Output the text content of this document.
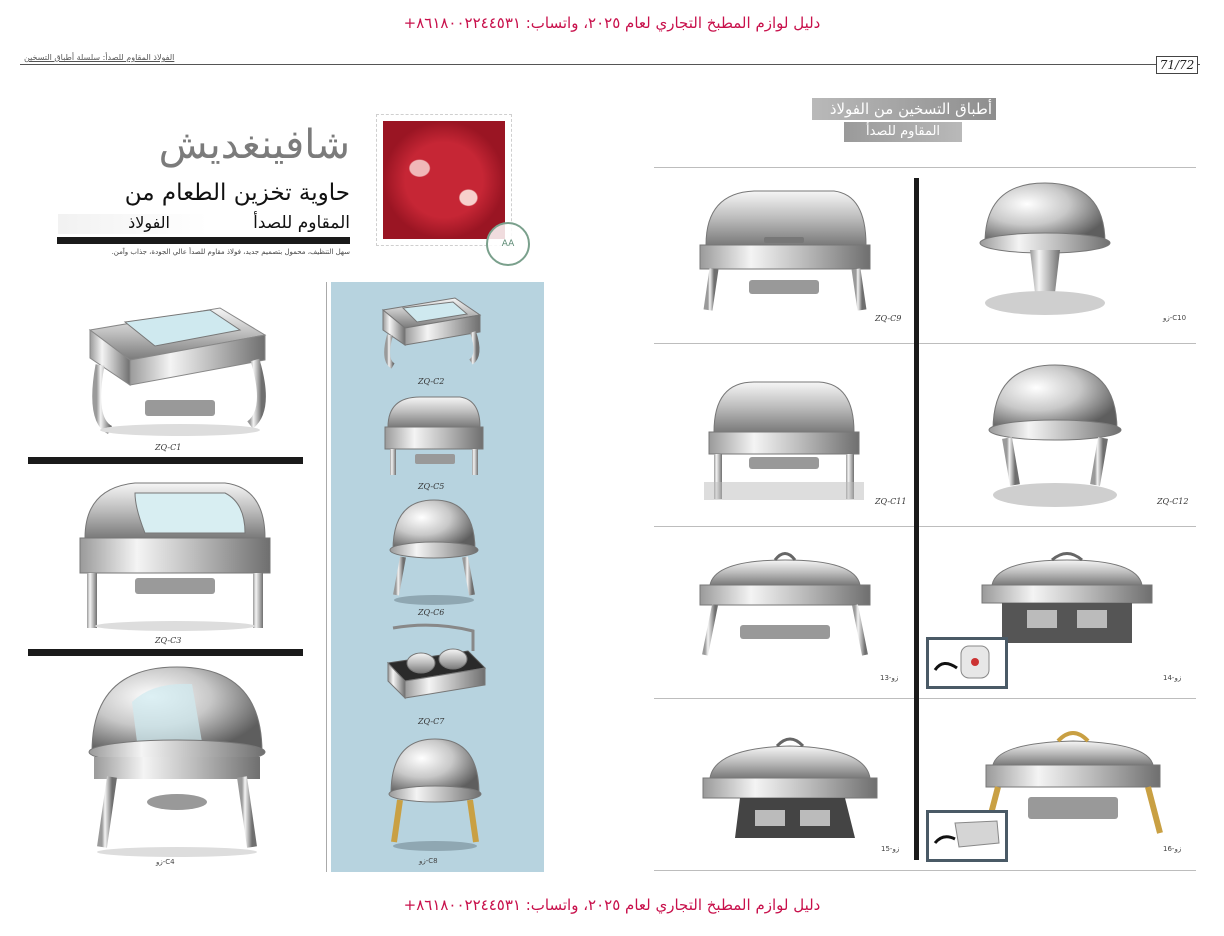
دليل لوازم المطبخ التجاري لعام ٢٠٢٥، واتساب: ٨٦١٨٠٠٢٢٤٤٥٣١+
دليل لوازم المطبخ التجاري لعام ٢٠٢٥، واتساب: ٨٦١٨٠٠٢٢٤٤٥٣١+
الفولاذ المقاوم للصدأ: سلسلة أطباق التسخين
71/72
شافينغديش
حاوية تخزين الطعام من
المقاوم للصدأ
الفولاذ
سهل التنظيف، محمول بتصميم جديد، فولاذ مقاوم للصدأ عالي الجودة، جذاب وآمن.
AA
ZQ-C1
ZQ-C3
زو-C4
ZQ-C2
ZQ-C5
ZQ-C6
ZQ-C7
زو-C8
أطباق التسخين من الفولاذ
المقاوم للصدأ
ZQ-C9	زو-C10
ZQ-C11	ZQ-C12
زو-13	زو-14
زو-15	زو-16
